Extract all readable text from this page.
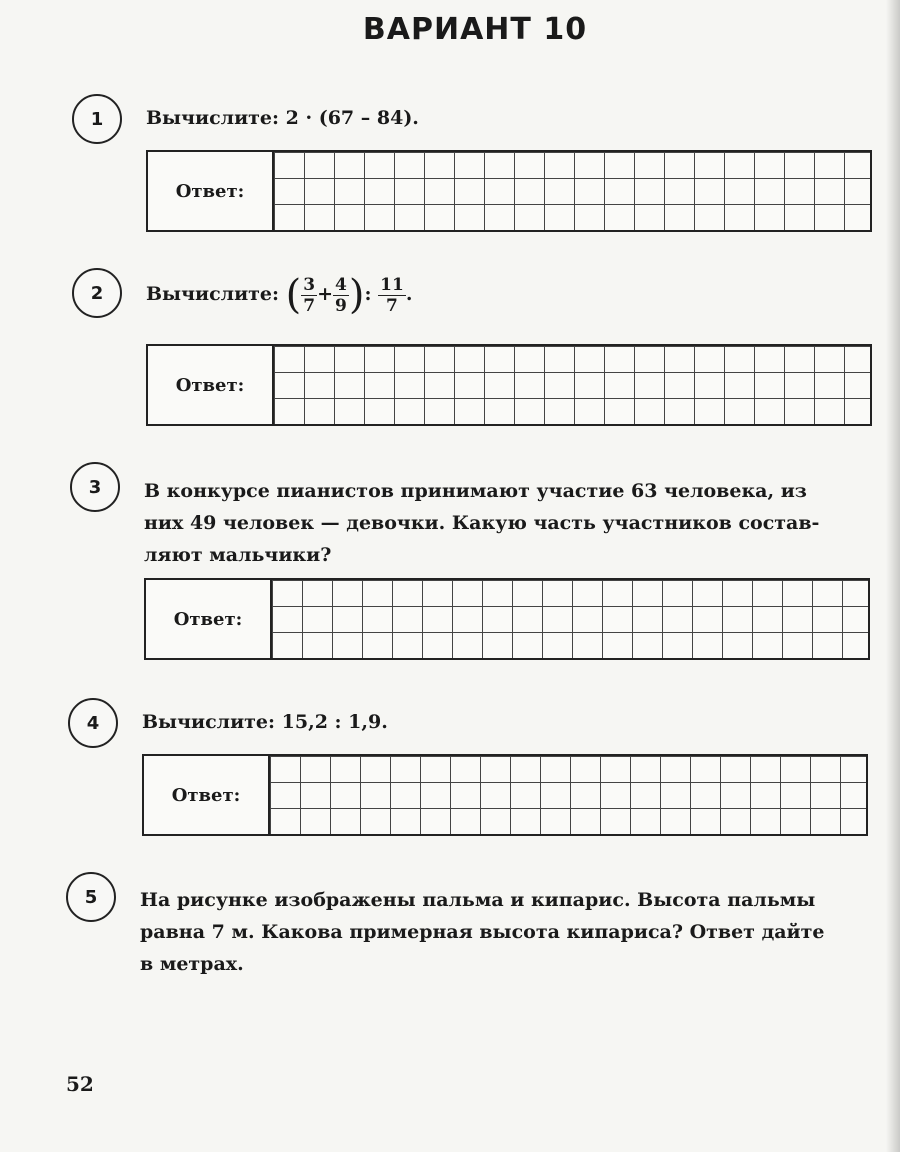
ВАРИАНТ 10
1	Вычислите: 2 · (67 – 84).
Ответ:
2	Вычислите: ( $\frac{3}{7} + \frac{4}{9}$ ): $\frac{11}{7}$ .
Ответ:
3	В конкурсе пианистов принимают участие 63 человека, из
них 49 человек — девочки. Какую часть участников состав-
ляют мальчики?
Ответ:
4	Вычислите: 15,2 : 1,9.
Ответ:
5	На рисунке изображены пальма и кипарис. Высота пальмы
равна 7 м. Какова примерная высота кипариса? Ответ дайте
в метрах.
52
